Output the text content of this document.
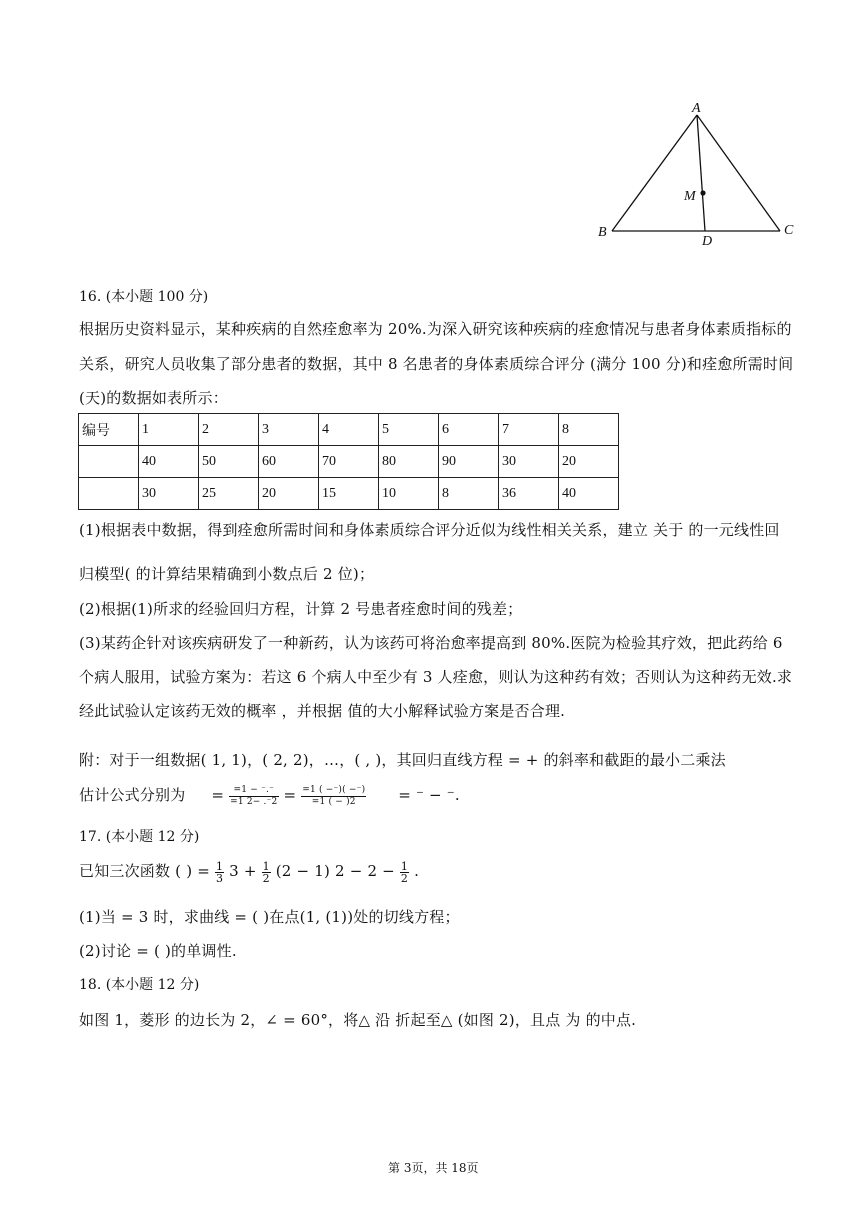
A
B	C
D
M
16. (本小题 100 分)
根据历史资料显示，某种疾病的自然痊愈率为 20%.为深入研究该种疾病的痊愈情况与患者身体素质指标的
关系，研究人员收集了部分患者的数据，其中 8 名患者的身体素质综合评分 (满分 100 分)和痊愈所需时间
(天)的数据如表所示：
编号	1	2	3	4	5	6	7	8
	40	50	60	70	80	90	30	20
	30	25	20	15	10	8	36	40
(1)根据表中数据，得到痊愈所需时间和身体素质综合评分近似为线性相关关系，建立 关于 的一元线性回
归模型( 的计算结果精确到小数点后 2 位)；
(2)根据(1)所求的经验回归方程，计算 2 号患者痊愈时间的残差；
(3)某药企针对该疾病研发了一种新药，认为该药可将治愈率提高到 80%.医院为检验其疗效，把此药给 6
个病人服用，试验方案为：若这 6 个病人中至少有 3 人痊愈，则认为这种药有效；否则认为这种药无效.求
经此试验认定该药无效的概率 ，并根据 值的大小解释试验方案是否合理.
附：对于一组数据( 1, 1)，( 2, 2)，…，( , )，其回归直线方程 = + 的斜率和截距的最小二乘法
估计公式分别为 = $\frac{=1 - ^-.^-}{=1 2- .^-2} = \frac{=1 ( -^-)( -^-)}{=1 ( - )2}$ = ⁻ − ⁻.
17. (本小题 12 分)
已知三次函数 ( ) = $\frac{1}{3} 3 + \frac{1}{2} (2 - 1) 2 - 2 - \frac{1}{2}$ .
(1)当 = 3 时，求曲线 = ( )在点(1, (1))处的切线方程；
(2)讨论 = ( )的单调性.
18. (本小题 12 分)
如图 1，菱形 的边长为 2，∠ = 60°，将△ 沿 折起至△ (如图 2)，且点 为 的中点.
第 3页，共 18页
